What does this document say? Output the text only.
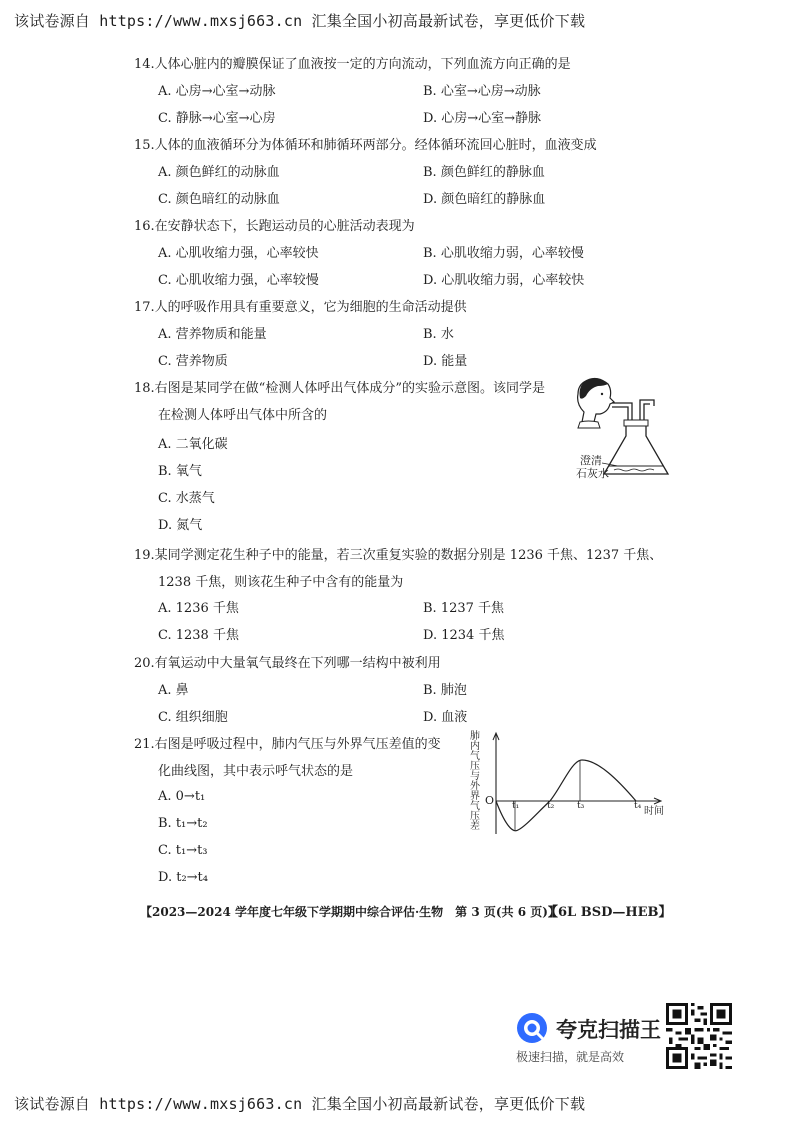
该试卷源自 https://www.mxsj663.cn 汇集全国小初高最新试卷，享更低价下载
14.人体心脏内的瓣膜保证了血液按一定的方向流动，下列血流方向正确的是
A. 心房→心室→动脉	B. 心室→心房→动脉
C. 静脉→心室→心房	D. 心房→心室→静脉
15.人体的血液循环分为体循环和肺循环两部分。经体循环流回心脏时，血液变成
A. 颜色鲜红的动脉血	B. 颜色鲜红的静脉血
C. 颜色暗红的动脉血	D. 颜色暗红的静脉血
16.在安静状态下，长跑运动员的心脏活动表现为
A. 心肌收缩力强，心率较快	B. 心肌收缩力弱，心率较慢
C. 心肌收缩力强，心率较慢	D. 心肌收缩力弱，心率较快
17.人的呼吸作用具有重要意义，它为细胞的生命活动提供
A. 营养物质和能量	B. 水
C. 营养物质	D. 能量
18.右图是某同学在做“检测人体呼出气体成分”的实验示意图。该同学是
在检测人体呼出气体中所含的
A. 二氧化碳
B. 氧气
C. 水蒸气
D. 氮气
澄清
石灰水
19.某同学测定花生种子中的能量，若三次重复实验的数据分别是 1236 千焦、1237 千焦、
1238 千焦，则该花生种子中含有的能量为
A. 1236 千焦	B. 1237 千焦
C. 1238 千焦	D. 1234 千焦
20.有氧运动中大量氧气最终在下列哪一结构中被利用
A. 鼻	B. 肺泡
C. 组织细胞	D. 血液
21.右图是呼吸过程中，肺内气压与外界气压差值的变
化曲线图，其中表示呼气状态的是
A. 0→t₁
B. t₁→t₂
C. t₁→t₃
D. t₂→t₄
O t₁	t₂	t₃	t₄ 时间
肺内气压与外界气压差
【2023—2024 学年度七年级下学期期中综合评估·生物　第 3 页(共 6 页)】
【6L BSD—HEB】
夸克扫描王
极速扫描，就是高效
该试卷源自 https://www.mxsj663.cn 汇集全国小初高最新试卷，享更低价下载
